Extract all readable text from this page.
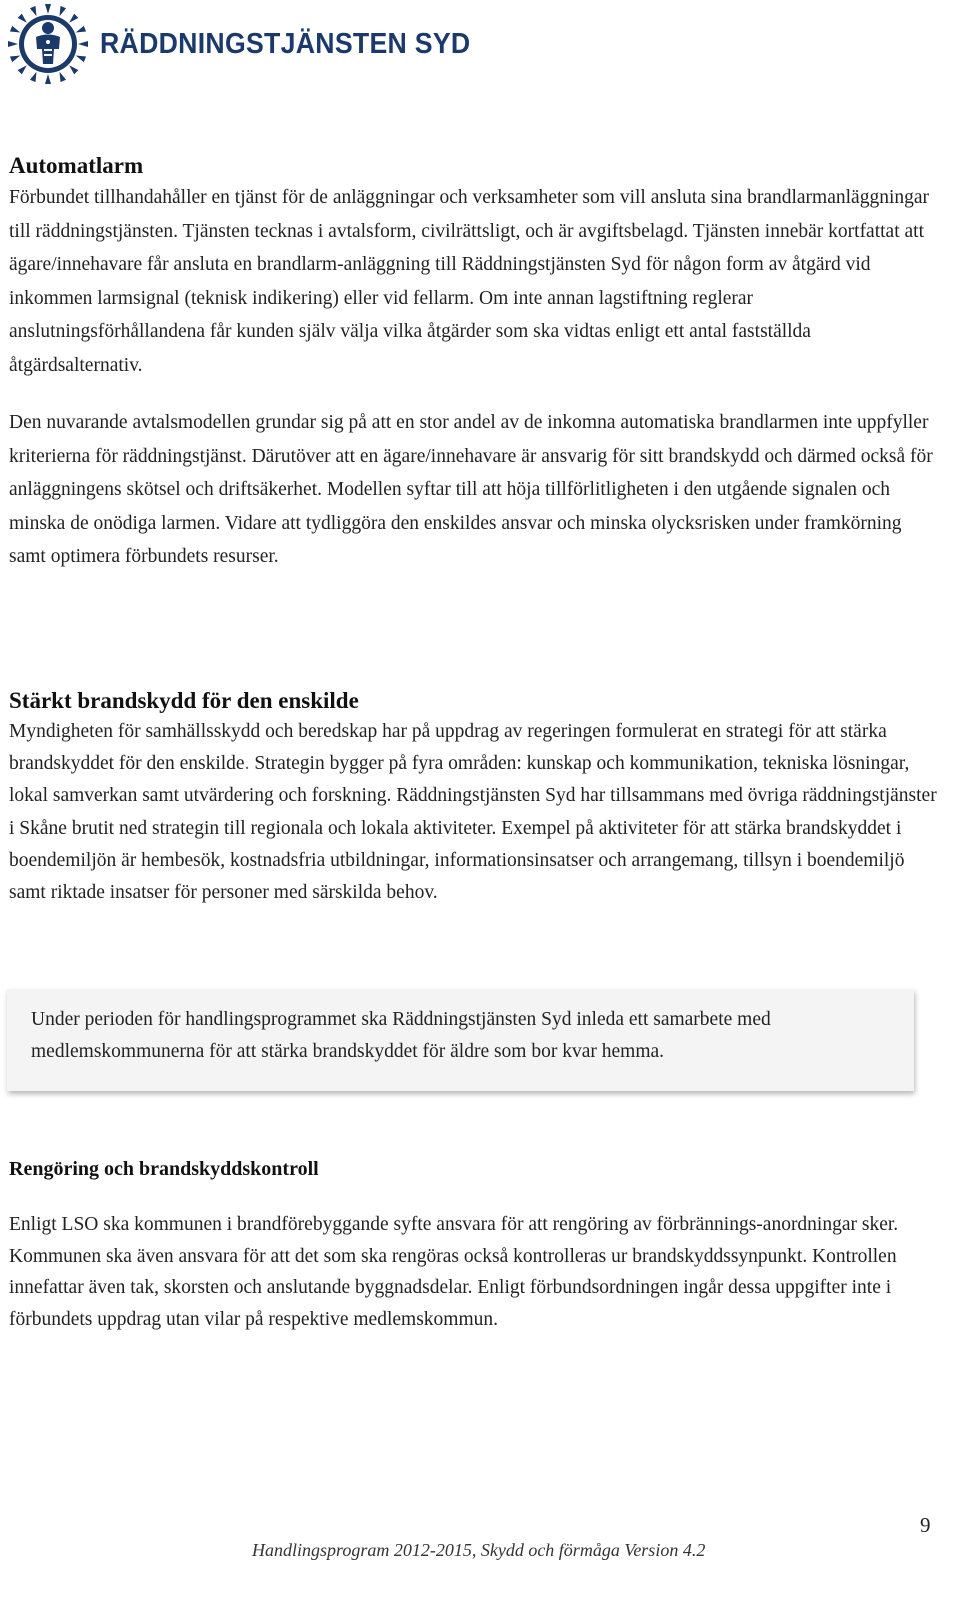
RÄDDNINGSTJÄNSTEN SYD
Automatlarm

Förbundet tillhandahåller en tjänst för de anläggningar och verksamheter som vill ansluta sina brandlarmanläggningar till räddningstjänsten. Tjänsten tecknas i avtalsform, civilrättsligt, och är avgiftsbelagd. Tjänsten innebär kortfattat att ägare/innehavare får ansluta en brandlarm-anläggning till Räddningstjänsten Syd för någon form av åtgärd vid inkommen larmsignal (teknisk indikering) eller vid fellarm. Om inte annan lagstiftning reglerar anslutningsförhållandena får kunden själv välja vilka åtgärder som ska vidtas enligt ett antal fastställda åtgärdsalternativ.

Den nuvarande avtalsmodellen grundar sig på att en stor andel av de inkomna automatiska brandlarmen inte uppfyller kriterierna för räddningstjänst. Därutöver att en ägare/innehavare är ansvarig för sitt brandskydd och därmed också för anläggningens skötsel och driftsäkerhet. Modellen syftar till att höja tillförlitligheten i den utgående signalen och minska de onödiga larmen. Vidare att tydliggöra den enskildes ansvar och minska olycksrisken under framkörning samt optimera förbundets resurser.

Stärkt brandskydd för den enskilde

Myndigheten för samhällsskydd och beredskap har på uppdrag av regeringen formulerat en strategi för att stärka brandskyddet för den enskilde. Strategin bygger på fyra områden: kunskap och kommunikation, tekniska lösningar, lokal samverkan samt utvärdering och forskning. Räddningstjänsten Syd har tillsammans med övriga räddningstjänster i Skåne brutit ned strategin till regionala och lokala aktiviteter. Exempel på aktiviteter för att stärka brandskyddet i boendemiljön är hembesök, kostnadsfria utbildningar, informationsinsatser och arrangemang, tillsyn i boendemiljö samt riktade insatser för personer med särskilda behov.

Under perioden för handlingsprogrammet ska Räddningstjänsten Syd inleda ett samarbete med medlemskommunerna för att stärka brandskyddet för äldre som bor kvar hemma.

Rengöring och brandskyddskontroll

Enligt LSO ska kommunen i brandförebyggande syfte ansvara för att rengöring av förbrännings-anordningar sker. Kommunen ska även ansvara för att det som ska rengöras också kontrolleras ur brandskyddssynpunkt. Kontrollen innefattar även tak, skorsten och anslutande byggnadsdelar. Enligt förbundsordningen ingår dessa uppgifter inte i förbundets uppdrag utan vilar på respektive medlemskommun.

9
Handlingsprogram 2012-2015, Skydd och förmåga Version 4.2
